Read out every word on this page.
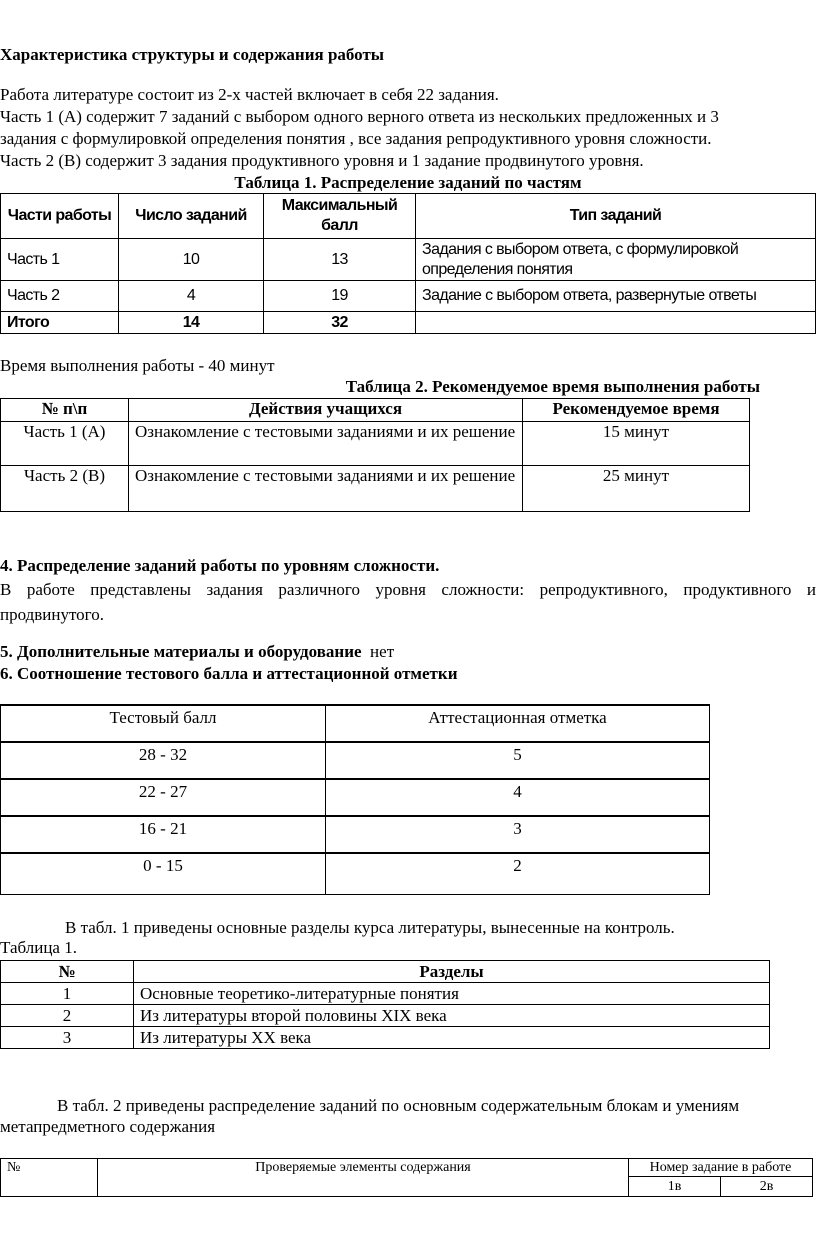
Характеристика структуры и содержания работы
Работа литературе состоит из 2-х частей включает в себя 22 задания.
Часть 1 (А) содержит 7 заданий с выбором одного верного ответа из нескольких предложенных и 3
задания с формулировкой определения понятия , все задания репродуктивного уровня сложности.
Часть 2 (В) содержит 3 задания продуктивного уровня и 1 задание продвинутого уровня.
Таблица 1. Распределение заданий по частям
Части работы	Число заданий	Максимальный балл	Тип заданий
Часть 1	10	13	Задания с выбором ответа, с формулировкой определения понятия
Часть 2	4	19	Задание с выбором ответа, развернутые ответы
Итого	14	32	
Время выполнения работы - 40 минут
Таблица 2. Рекомендуемое время выполнения работы
№ п\п	Действия учащихся	Рекомендуемое время
Часть 1 (А)	Ознакомление с тестовыми заданиями и их решение	15 минут
Часть 2 (В)	Ознакомление с тестовыми заданиями и их решение	25 минут
4. Распределение заданий работы по уровням сложности.
В работе представлены задания различного уровня сложности: репродуктивного, продуктивного и продвинутого.
5. Дополнительные материалы и оборудование нет
6. Соотношение тестового балла и аттестационной отметки
Тестовый балл	Аттестационная отметка
28 - 32	5
22 - 27	4
16 - 21	3
0 - 15	2
В табл. 1 приведены основные разделы курса литературы, вынесенные на контроль.
Таблица 1.
№	Разделы
1	Основные теоретико-литературные понятия
2	Из литературы второй половины XIX века
3	Из литературы XX века
В табл. 2 приведены распределение заданий по основным содержательным блокам и умениям
метапредметного содержания
№	Проверяемые элементы содержания	Номер задание в работе	
		1в	2в
